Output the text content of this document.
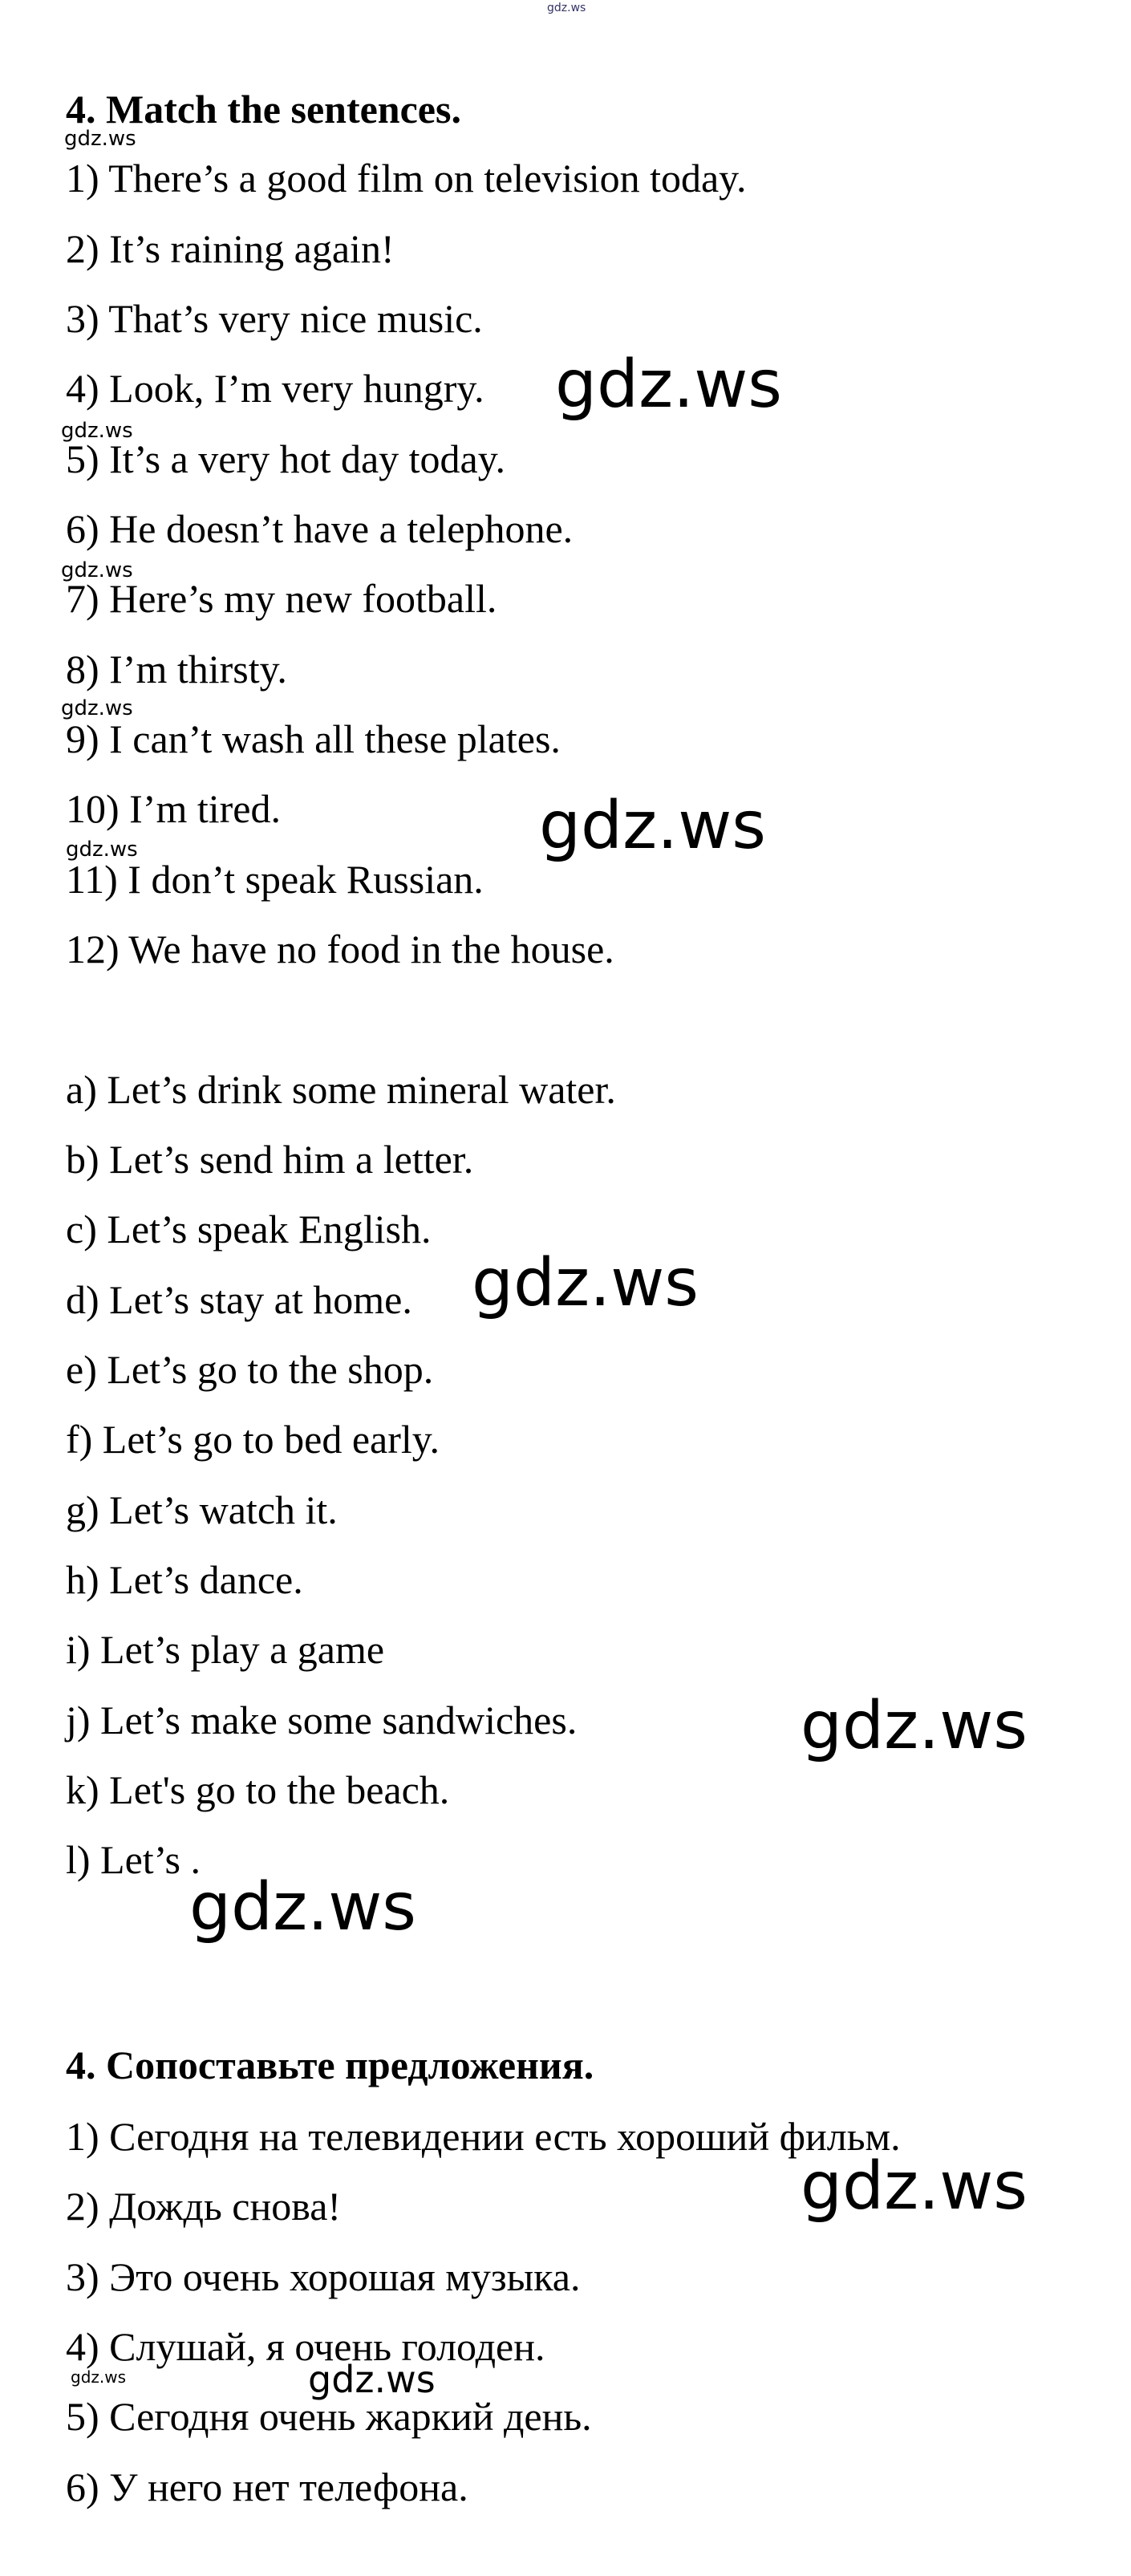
gdz.ws
4. Match the sentences.
1) There’s a good film on television today.
2) It’s raining again!
3) That’s very nice music.
4) Look, I’m very hungry.
5) It’s a very hot day today.
6) He doesn’t have a telephone.
7) Here’s my new football.
8) I’m thirsty.
9) I can’t wash all these plates.
10) I’m tired.
11) I don’t speak Russian.
12) We have no food in the house.
a) Let’s drink some mineral water.
b) Let’s send him a letter.
c) Let’s speak English.
d) Let’s stay at home.
e) Let’s go to the shop.
f) Let’s go to bed early.
g) Let’s watch it.
h) Let’s dance.
i) Let’s play a game
j) Let’s make some sandwiches.
k) Let's go to the beach.
l) Let’s .
4. Сопоставьте предложения.
1) Сегодня на телевидении есть хороший фильм.
2) Дождь снова!
3) Это очень хорошая музыка.
4) Слушай, я очень голоден.
5) Сегодня очень жаркий день.
6) У него нет телефона.
gdz.ws
gdz.ws
gdz.ws
gdz.ws
gdz.ws
gdz.ws
gdz.ws
gdz.ws
gdz.ws
gdz.ws
gdz.ws
gdz.ws
gdz.ws
